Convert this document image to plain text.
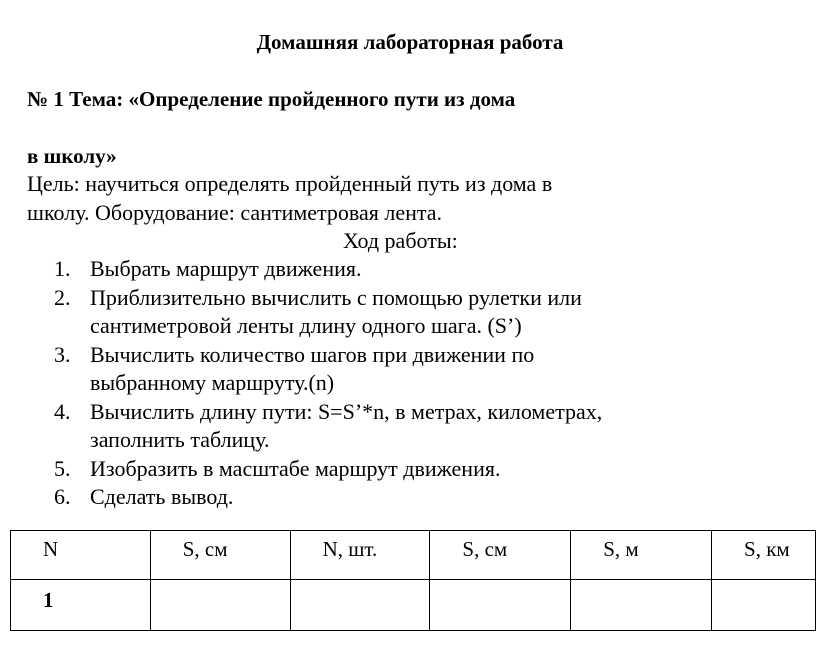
Домашняя лабораторная работа
№ 1 Тема: «Определение пройденного пути из дома
в школу»
Цель: научиться определять пройденный путь из дома в
школу. Оборудование: сантиметровая лента.
Ход работы:
1. Выбрать маршрут движения.
2. Приблизительно вычислить с помощью рулетки или
сантиметровой ленты длину одного шага. (S’)
3. Вычислить количество шагов при движении по
выбранному маршруту.(n)
4. Вычислить длину пути: S=S’*n, в метрах, километрах,
заполнить таблицу.
5. Изобразить в масштабе маршрут движения.
6. Сделать вывод.
N	S, см	N, шт.	S, см	S, м	S, км
1					
